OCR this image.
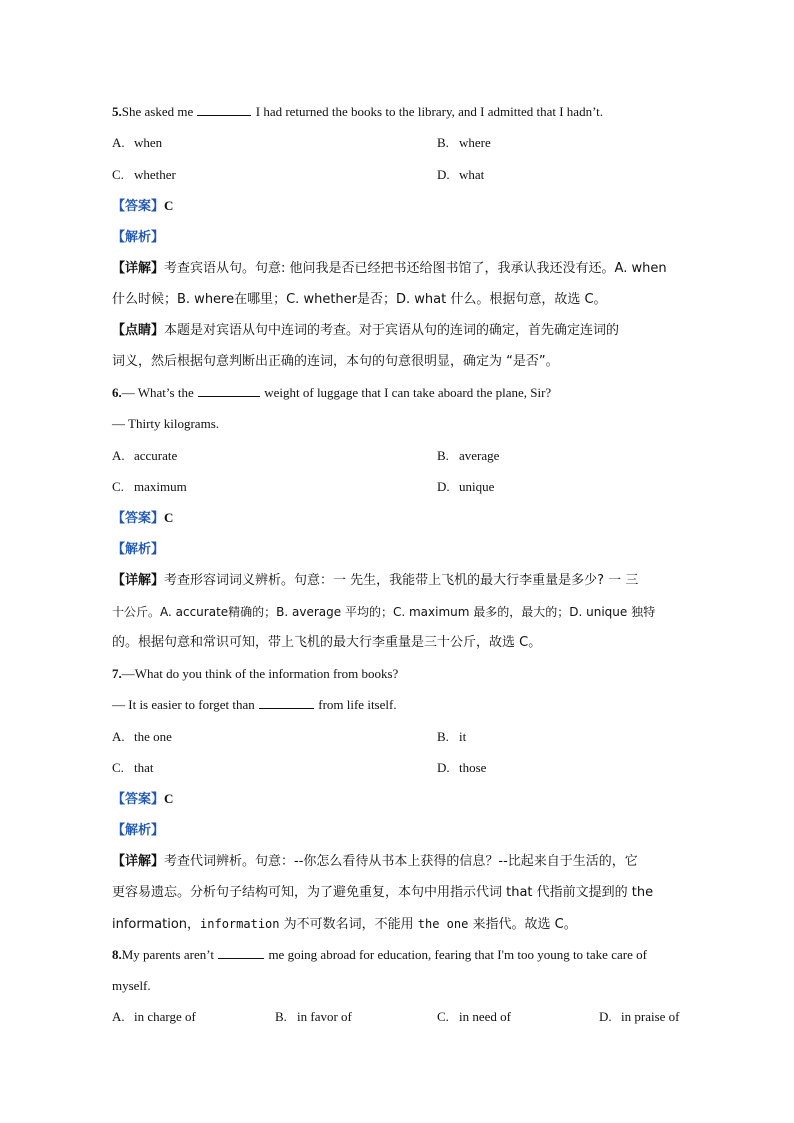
5.She asked me	I had returned the books to the library, and I admitted that I hadn’t.
A. when	B. where
C. whether	D. what
【答案】C
【解析】
【详解】考查宾语从句。句意: 他问我是否已经把书还给图书馆了，我承认我还没有还。A. when
什么时候；B. where在哪里；C. whether是否；D. what 什么。根据句意，故选 C。
【点睛】本题是对宾语从句中连词的考查。对于宾语从句的连词的确定，首先确定连词的
词义，然后根据句意判断出正确的连词，本句的句意很明显，确定为 “是否”。
6.— What’s the	weight of luggage that I can take aboard the plane, Sir?
— Thirty kilograms.
A. accurate	B. average
C. maximum	D. unique
【答案】C
【解析】
【详解】考查形容词词义辨析。句意：一 先生，我能带上飞机的最大行李重量是多少? 一 三
十公斤。A. accurate精确的；B. average 平均的；C. maximum 最多的，最大的；D. unique 独特
的。根据句意和常识可知，带上飞机的最大行李重量是三十公斤，故选 C。
7.—What do you think of the information from books?
— It is easier to forget than	from life itself.
A. the one	B. it
C. that	D. those
【答案】C
【解析】
【详解】考查代词辨析。句意：--你怎么看待从书本上获得的信息？--比起来自于生活的，它
更容易遗忘。分析句子结构可知，为了避免重复，本句中用指示代词 that 代指前文提到的 the
information，information 为不可数名词，不能用 the one 来指代。故选 C。
8.My parents aren’t	me going abroad for education, fearing that I'm too young to take care of
myself.
A. in charge of	B. in favor of	C. in need of	D. in praise of
